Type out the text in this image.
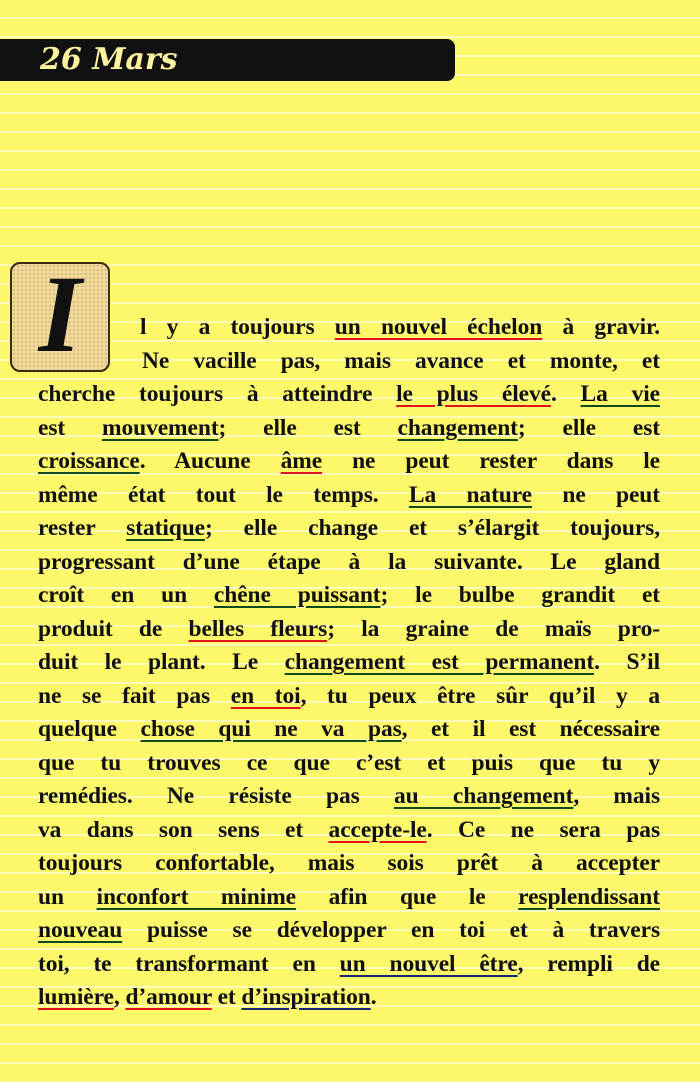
26 Mars
I	l y a toujours un nouvel échelon à gravir.
Ne vacille pas, mais avance et monte, et
cherche toujours à atteindre le plus élevé. La vie
est mouvement; elle est changement; elle est
croissance. Aucune âme ne peut rester dans le
même état tout le temps. La nature ne peut
rester statique; elle change et s’élargit toujours,
progressant d’une étape à la suivante. Le gland
croît en un chêne puissant; le bulbe grandit et
produit de belles fleurs; la graine de maïs pro-
duit le plant. Le changement est permanent. S’il
ne se fait pas en toi, tu peux être sûr qu’il y a
quelque chose qui ne va pas, et il est nécessaire
que tu trouves ce que c’est et puis que tu y
remédies. Ne résiste pas au changement, mais
va dans son sens et accepte-le. Ce ne sera pas
toujours confortable, mais sois prêt à accepter
un inconfort minime afin que le resplendissant
nouveau puisse se développer en toi et à travers
toi, te transformant en un nouvel être, rempli de
lumière, d’amour et d’inspiration.
